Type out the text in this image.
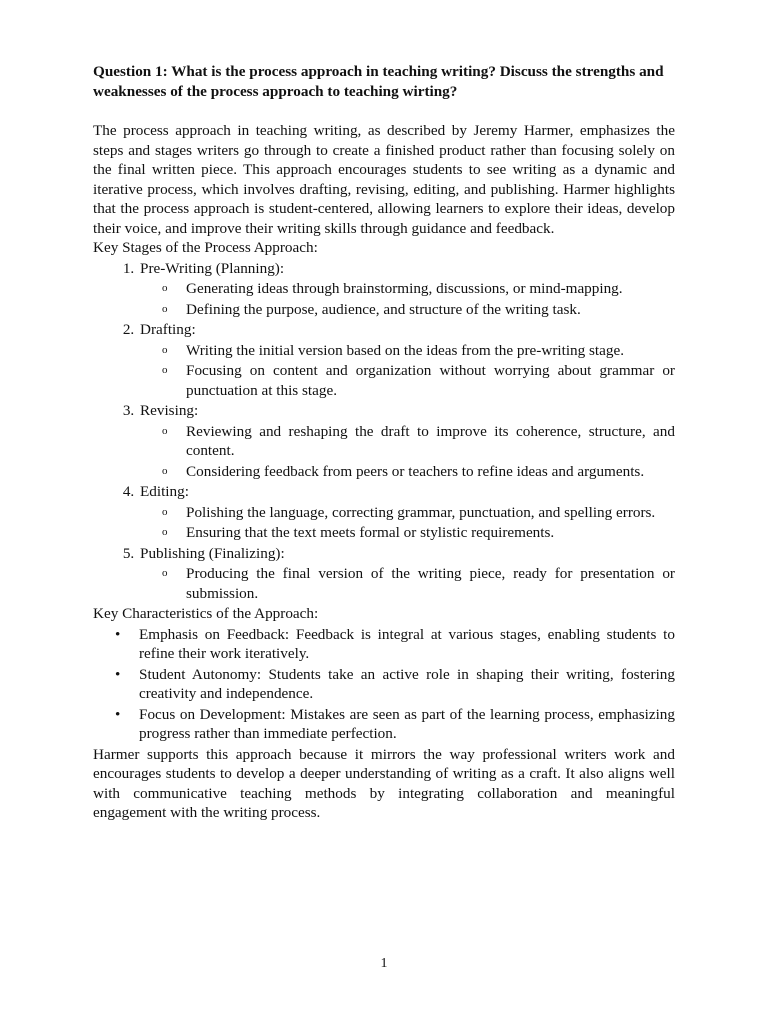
Question 1: What is the process approach in teaching writing? Discuss the strengths and weaknesses of the process approach to teaching wirting?

The process approach in teaching writing, as described by Jeremy Harmer, emphasizes the steps and stages writers go through to create a finished product rather than focusing solely on the final written piece. This approach encourages students to see writing as a dynamic and iterative process, which involves drafting, revising, editing, and publishing. Harmer highlights that the process approach is student-centered, allowing learners to explore their ideas, develop their voice, and improve their writing skills through guidance and feedback.

Key Stages of the Process Approach:
1. Pre-Writing (Planning):
o Generating ideas through brainstorming, discussions, or mind-mapping.
o Defining the purpose, audience, and structure of the writing task.
2. Drafting:
o Writing the initial version based on the ideas from the pre-writing stage.
o Focusing on content and organization without worrying about grammar or punctuation at this stage.
3. Revising:
o Reviewing and reshaping the draft to improve its coherence, structure, and content.
o Considering feedback from peers or teachers to refine ideas and arguments.
4. Editing:
o Polishing the language, correcting grammar, punctuation, and spelling errors.
o Ensuring that the text meets formal or stylistic requirements.
5. Publishing (Finalizing):
o Producing the final version of the writing piece, ready for presentation or submission.
Key Characteristics of the Approach:
• Emphasis on Feedback: Feedback is integral at various stages, enabling students to refine their work iteratively.
• Student Autonomy: Students take an active role in shaping their writing, fostering creativity and independence.
• Focus on Development: Mistakes are seen as part of the learning process, emphasizing progress rather than immediate perfection.

Harmer supports this approach because it mirrors the way professional writers work and encourages students to develop a deeper understanding of writing as a craft. It also aligns well with communicative teaching methods by integrating collaboration and meaningful engagement with the writing process.

1
